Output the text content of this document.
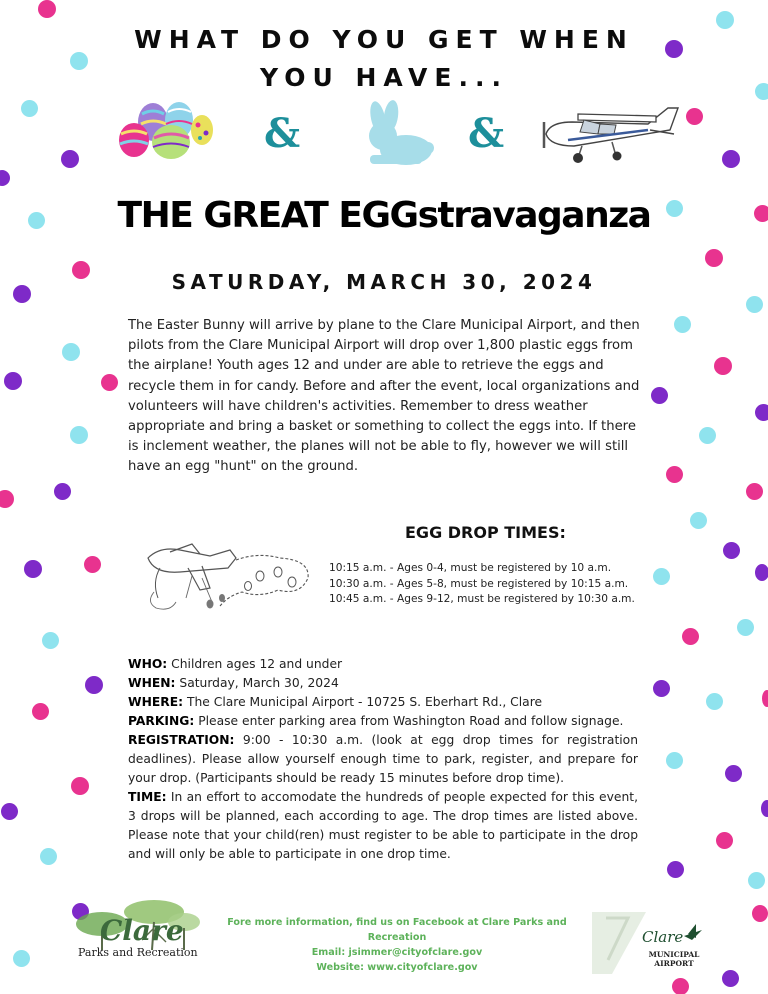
WHAT DO YOU GET WHEN
YOU HAVE...
&	&
THE GREAT EGGstravaganza
SATURDAY, MARCH 30, 2024
The Easter Bunny will arrive by plane to the Clare Municipal Airport, and then pilots from the Clare Municipal Airport will drop over 1,800 plastic eggs from the airplane! Youth ages 12 and under are able to retrieve the eggs and recycle them in for candy. Before and after the event, local organizations and volunteers will have children's activities. Remember to dress weather appropriate and bring a basket or something to collect the eggs into. If there is inclement weather, the planes will not be able to fly, however we will still have an egg "hunt" on the ground.
EGG DROP TIMES:
10:15 a.m. - Ages 0-4, must be registered by 10 a.m.
10:30 a.m. - Ages 5-8, must be registered by 10:15 a.m.
10:45 a.m. - Ages 9-12, must be registered by 10:30 a.m.

WHO: Children ages 12 and under

WHEN: Saturday, March 30, 2024

WHERE: The Clare Municipal Airport - 10725 S. Eberhart Rd., Clare

PARKING: Please enter parking area from Washington Road and follow signage.

REGISTRATION: 9:00 - 10:30 a.m. (look at egg drop times for registration deadlines). Please allow yourself enough time to park, register, and prepare for your drop. (Participants should be ready 15 minutes before drop time).

TIME: In an effort to accomodate the hundreds of people expected for this event, 3 drops will be planned, each according to age. The drop times are listed above. Please note that your child(ren) must register to be able to participate in the drop and will only be able to participate in one drop time.

Clare
Parks and Recreation
Fore more information, find us on Facebook at Clare Parks and Recreation
Email: jsimmer@cityofclare.gov
Website: www.cityofclare.gov
Clare
MUNICIPAL
AIRPORT
